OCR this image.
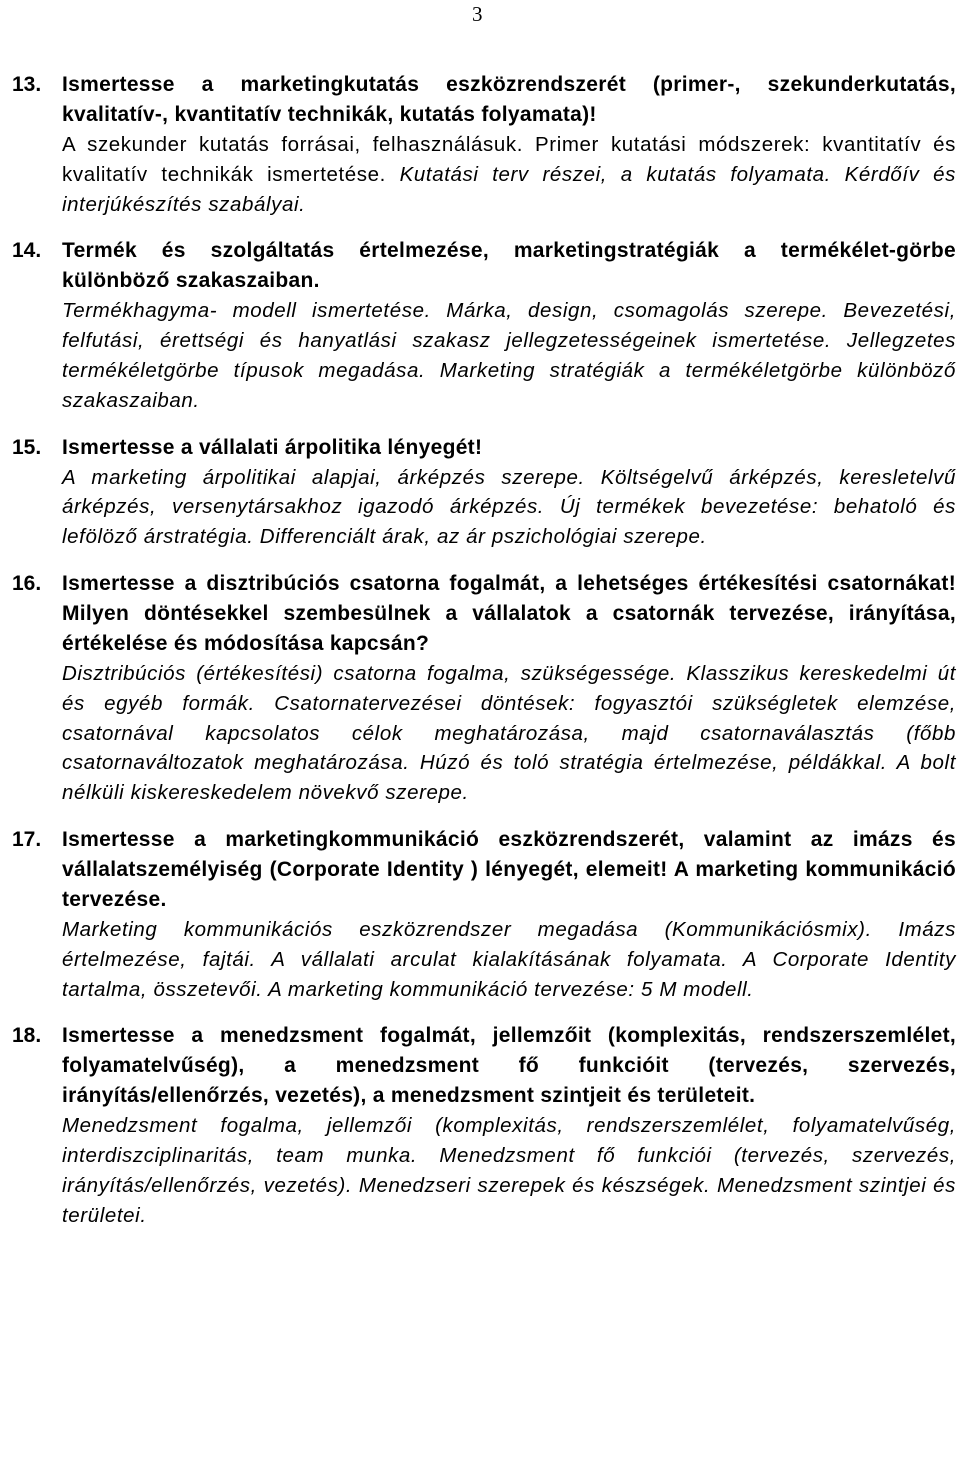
3
13. Ismertesse a marketingkutatás eszközrendszerét (primer-, szekunderkutatás, kvalitatív-, kvantitatív technikák, kutatás folyamata)!
A szekunder kutatás forrásai, felhasználásuk. Primer kutatási módszerek: kvantitatív és kvalitatív technikák ismertetése. Kutatási terv részei, a kutatás folyamata. Kérdőív és interjúkészítés szabályai.
14. Termék és szolgáltatás értelmezése, marketingstratégiák a termékélet-görbe különböző szakaszaiban.
Termékhagyma- modell ismertetése. Márka, design, csomagolás szerepe. Bevezetési, felfutási, érettségi és hanyatlási szakasz jellegzetességeinek ismertetése. Jellegzetes termékéletgörbe típusok megadása. Marketing stratégiák a termékéletgörbe különböző szakaszaiban.
15. Ismertesse a vállalati árpolitika lényegét!
A marketing árpolitikai alapjai, árképzés szerepe. Költségelvű árképzés, keresletelvű árképzés, versenytársakhoz igazodó árképzés. Új termékek bevezetése: behatoló és lefölöző árstratégia. Differenciált árak, az ár pszichológiai szerepe.
16. Ismertesse a disztribúciós csatorna fogalmát, a lehetséges értékesítési csatornákat! Milyen döntésekkel szembesülnek a vállalatok a csatornák tervezése, irányítása, értékelése és módosítása kapcsán?
Disztribúciós (értékesítési) csatorna fogalma, szükségessége. Klasszikus kereskedelmi út és egyéb formák. Csatornatervezései döntések: fogyasztói szükségletek elemzése, csatornával kapcsolatos célok meghatározása, majd csatornaválasztás (főbb csatornaváltozatok meghatározása. Húzó és toló stratégia értelmezése, példákkal. A bolt nélküli kiskereskedelem növekvő szerepe.
17. Ismertesse a marketingkommunikáció eszközrendszerét, valamint az imázs és vállalatszemélyiség (Corporate Identity ) lényegét, elemeit! A marketing kommunikáció tervezése.
Marketing kommunikációs eszközrendszer megadása (Kommunikációsmix). Imázs értelmezése, fajtái. A vállalati arculat kialakításának folyamata. A Corporate Identity tartalma, összetevői. A marketing kommunikáció tervezése: 5 M modell.
18. Ismertesse a menedzsment fogalmát, jellemzőit (komplexitás, rendszerszemlélet, folyamatelvűség), a menedzsment fő funkcióit (tervezés, szervezés, irányítás/ellenőrzés, vezetés), a menedzsment szintjeit és területeit.
Menedzsment fogalma, jellemzői (komplexitás, rendszerszemlélet, folyamatelvűség, interdiszciplinaritás, team munka. Menedzsment fő funkciói (tervezés, szervezés, irányítás/ellenőrzés, vezetés). Menedzseri szerepek és készségek. Menedzsment szintjei és területei.
